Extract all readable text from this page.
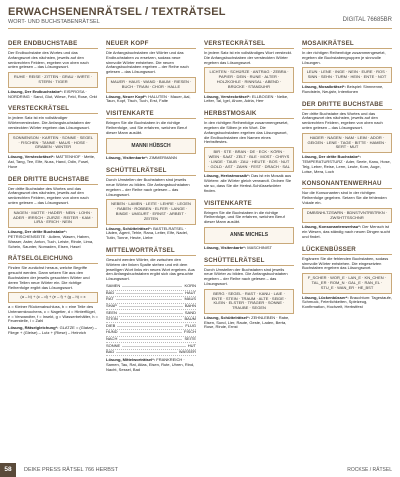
ERWACHSENENRÄTSEL / TEXTRÄTSEL
WORT- UND BUCHSTABENRÄTSEL	DIGITAL 76685BR
DER ENDBUCHSTABE

Der Endbuchstabe des Wortes und das Anfangswort des nächsten, jeweils auf den senkrechten Feldern, ergeben von oben nach unten gelesen – das Lösungswort.

RUHE · REISE · ZITTEN · GRAU · WIRTE · STERN · TIGER
Lösung, Der Endbuchstabe*: EISPROSA · NORDRING · Sand, Glut, Wiese, Feld, Rose, Orkt
VERSTECKRÄTSEL

In jedem Satz ist ein vollständiger Wörterverstecken. Die Anfangsbuchstaben der versteckten Wörter ergeben das Lösungswort.

SONNENSON · KARTEN · SONNE · SEGEL · FISCHEN · TANNE · MAUS · HOSE · GRABEN · WINTER
Lösung, Versteckrätsel*: MATTENHOF · Mette, Ast, Tang, Tee, Elfe, Nuss, Hand, Odin, Fusel, Huve
DER DRITTE BUCHSTABE

Der dritte Buchstabe des Wortes und das Anfangswort des nächsten, jeweils auf den senkrechten Feldern, ergeben von oben nach unten gelesen – das Lösungswort.

NAGEN · MATTE · HADER · NEIN · LOHN · ADER · IRRSCH · ZURZE · REITER · KAM · LIRA · ERICH · NEIN
Lösung, Der dritte Buchstabe*: PETRISCHENSEITE · Adlern, Wasen, Haben, Wasser, Aster, Anton, Tuch, Leiste, Rinde, Lima, Schein, Saunter, Nomaden, Eisen, Hasel
RÄTSELGLEICHUNG

Finden Sie zunächst heraus, welche Begriffe gesucht werden. Dann setzen Sie aus den Buchstaben der jeweils gesuchten Wörter und deren Teilen neue Wörter ein. Die richtige Reihenfolge ergibt das Lösungswort.

(a – b) + (c – d) + (e – f) + (g – h) = x

a = Kleiner Rückenabschluss, b = eine Teile des Unterarmknochens, c = Nagetier, d = Hinterflügel, e = Verwandter, f = Insekt, g = Wasserbehälter, h = Feuerstelle, i = Zahl

Lösung, Rätselgleichung*: GLATZE = (Glatze) – Fliege + (Gleise) – Lutz + (Riese) – Heinrich
NEUER KOPF

Die Anfangsbuchstaben der Wörter und das Endbuchstaben zu ersetzen, sodass neue sinnvolle Wörter entstehen. Die neuen Anfangsbuchstaben ergeben – der Reihe nach gelesen – das Lösungswort.

MAUER · HAUS · WAND · BAUM · RIESEN · BUCH · TRAIN · CHOR · HALLE
Lösung, Neuer Kopf*: HALUTEN · Mauer, Aal, Taun, Kopf, Tisch, Tuch, Erst, Falte
VISITENKARTE

Bringen Sie die Buchstaben in die richtige Reihenfolge, und Sie erfahren, welchen Beruf dieser Mann ausübt.

MANNI HÜBSCH
Lösung, Visitenkarte*: ZIMMERMANN
SCHÜTTELRÄTSEL

Durch Umstellen der Buchstaben sind jeweils neue Wörter zu bilden. Die Anfangsbuchstaben ergeben – der Reihe nach gelesen – das Lösungswort.

NEBEN · LAMEN · LEITE · LEHRE · LEGEN · RABEN · ROBBEN · ELFER · LANGE · BINDE · UMGURT · ERNST · ARBEIT · ZEITEN
Lösung, Schüttelrätsel*: BASTELRATSEL · Läden, Agent, Tehle, Rana, Leiter, Elfe, Nadel, Tutin, Tonne, Heute, Liebe
MITTELWORTRÄTSEL

Gesucht werden Wörter, die zwischen den Wörtern der linken Spalte stehen und mit dem jeweiligen Wort links ein neues Wort ergeben. Aus den Anfangsbuchstaben ergibt sich das gesuchte Lösungswort.

SAMEN	KORN
BAD	HAUT
RAT	MAUS
SHAP	BAHN
SEEN	SAND
STEIN	BAUM
DIEB	FLUG
HUND	FISCH
NACH	SEITE
SONNE	HUT
BAD	WASSER
Lösung, Mittelworträtsel*: FRANKREICH · Samen, Tau, Rat, Atlas, Eisen, Rute, Uhren, Rind, Nacht, Sessel, Bad
VERSTECKRÄTSEL

In jedem Satz ist ein vollständiges Wort versteckt. Die Anfangsbuchstaben der versteckten Wörter ergeben das Lösungswort.

LICHTEN · SCHÜRZE · ANTRAG · ZEBRA · PAPIER · DEIN · RUNE · ALTER · HOLZKOHLE · RINNSAL · ABEND · BRÜCKE · STANDUHR
Lösung, Versteckrätsel*: ELLBOGEN · Nelke, Leiter, Tal, Igel, Ahorn, Adria, Herr
HERBSTMOSAIK

In den richtigen Reihenfolge zusammengesetzt, ergeben die Silben je ein Wort. Die Anfangsbuchstaben ergeben das Lösungswort, die Endbuchstaben den Namen eines Herbstfestes.

BIR · STE · BRAN · DE · ECK · KÖRN · WEIN · SAAT · ZELT · BLE · MOST · CHRYS · LINDE · TAUB · ZAU · HEUTE · BOS · NUT · GOLD · AST · ZAHN · FEST · DRACH · SAL
Lösung, Herbstmosaik*: Das ist ein Mosaik aus Wörtern: alle Wörter gleich verwandt. Ordnen Sie sie so, dass Sie die Herbst-Schlüsselwörter finden.
VISITENKARTE

Bringen Sie die Buchstaben in die richtige Reihenfolge, und Sie erfahren, welchen Beruf dieser Mann ausübt.

ANNE MICHELS
Lösung, Visitenkarte*: MASCHINIST
SCHÜTTELRÄTSEL

Durch Umstellen der Buchstaben sind jeweils neue Wörter zu bilden. Die Anfangsbuchstaben ergeben – der Reihe nach gelesen – das Lösungswort.

BERG · SEGEL · RAST · KANU · LAIE · ENTE · STEIN · TRAUM · ALTE · SEIDE · KLEIN · ELSTER · TRÄGER · SONNE · TRAUBE · SEGEN
Lösung, Schüttelrätsel*: ZEHNLEBEN · Rabe, Eisen, Sund, Lier, Raute, Geste, Laden, Berta, Rose, Rinde, Ernst
MOSAIKRÄTSEL

In der richtigen Reihenfolge zusammengesetzt, ergeben die Buchstabengruppen je sinnvolle Lösungen.

LEUN · LENE · INGE · NEIN · EURE · ROS · SINN · SEHN · TURM · HEIN · ENTE · NOT
Lösung, Mosaikrätsel*: Beispiel: Sinnnenne, Rundstein, Neujahr, Intentionen
DER DRITTE BUCHSTABE

Der dritte Buchstabe des Wortes und das Anfangswort des nächsten, jeweils auf den senkrechten Feldern, ergeben von oben nach unten gelesen – das Lösungswort.

HADER · NAGEN · NAM · LEIM · ADOR · GEIGEN · LENE · TAGE · BITTE · HAMEN · SERT · MUT
Lösung, Der dritte Buchstabe*: TEMPERATURSTURZ · Ader, Seele, Kanu, Hose, Teig, Leber, Reise, Lerm, Leute, Korn, Auge, Lotse, Mera, Loch
KONSONANTENWERHAU

Nur die Konsonanten sind in der richtigen Reihenfolge gegeben. Setzen Sie die fehlenden Vokale ein.

DMBSNHLTZSWRN · BDNSTVNTRBTRKN · ZWSHTTSSCHNR
Lösung, Konsonantenwerhau*: Der Mensch ist ein Wesen, das ständig nach neuen Dingen sucht und findet.
LÜCKENBÜSSER

Ergänzen Sie die fehlenden Buchstaben, sodass sinnvolle Wörter entstehen. Die eingesetzten Buchstaben ergeben das Lösungswort.

F_SCHER · WOR_E · LAN_E · KN_CHEN · TAL_ER · ROM_N · GAL_E · RAN_EL · STU_E · WAN_ER · HE_BST
Lösung, Lückenbüsser*: Brauchtum: Tagestaufe, Schmuck, Feierlichkeiten, Spielzeug, Konfirmation, Hochzeit, Herbstfest
58	DEIKE PRESS RÄTSEL 766 HERBST	ROCKSE / RÄTSEL
